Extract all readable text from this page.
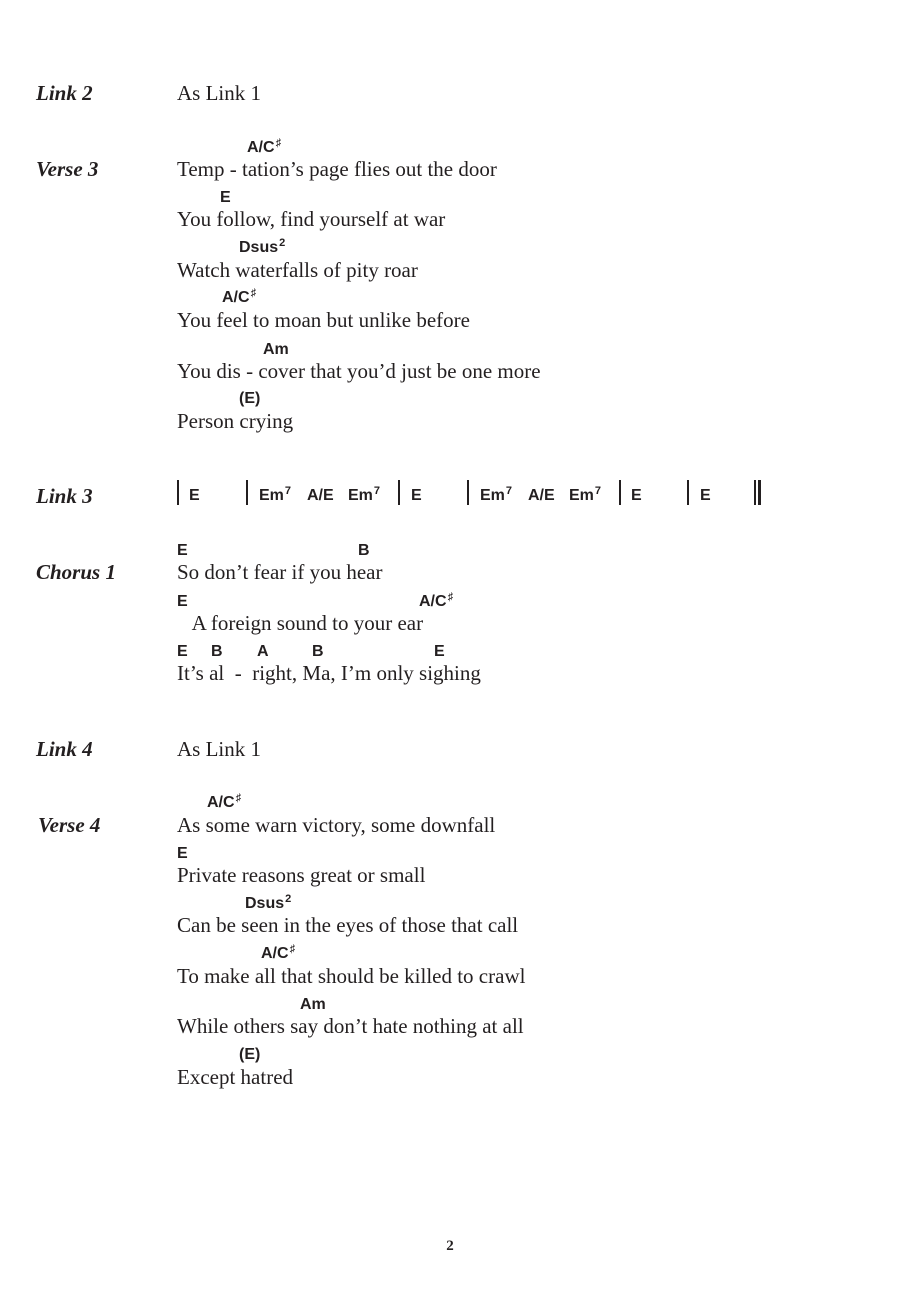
Link 2	As Link 1
Verse 3
A/C♯
Temp - tation’s page flies out the door
E
You follow, find yourself at war
Dsus$^2$
Watch waterfalls of pity roar
A/C♯
You feel to moan but unlike before
Am
You dis - cover that you’d just be one more
(E)
Person crying
Link 3	E	Em$^7$ A/E Em$^7$ E	Em$^7$ A/E Em$^7$ E	E
Chorus 1
E	B
So don’t fear if you hear
E	A/C♯
A foreign sound to your ear
E B A	B	E
It’s al  -  right, Ma, I’m only sighing
Link 4	As Link 1
Verse 4
A/C♯
As some warn victory, some downfall
E
Private reasons great or small
Dsus$^2$
Can be seen in the eyes of those that call
A/C♯
To make all that should be killed to crawl
Am
While others say don’t hate nothing at all
(E)
Except hatred
2
